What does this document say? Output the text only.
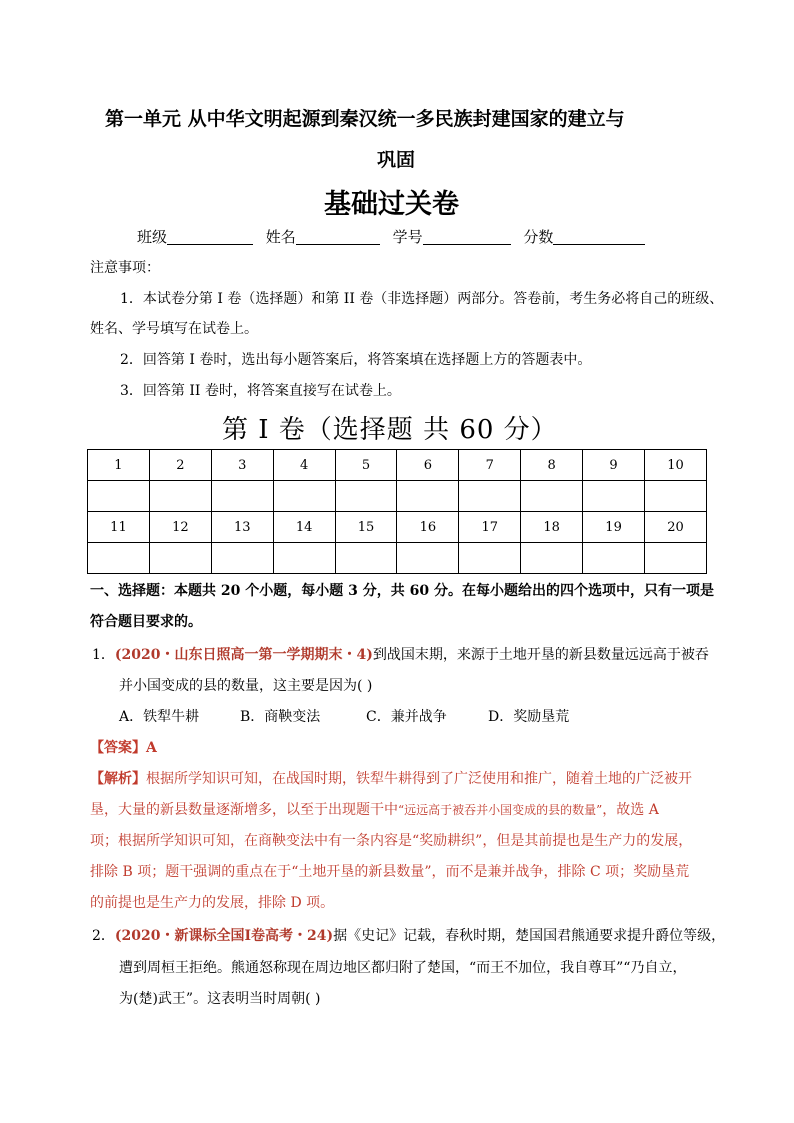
第一单元 从中华文明起源到秦汉统一多民族封建国家的建立与
巩固
基础过关卷
班级	姓名	学号	分数
注意事项：
1．本试卷分第 I 卷（选择题）和第 II 卷（非选择题）两部分。答卷前，考生务必将自己的班级、
姓名、学号填写在试卷上。
2．回答第 I 卷时，选出每小题答案后，将答案填在选择题上方的答题表中。
3．回答第 II 卷时，将答案直接写在试卷上。
第 I 卷（选择题 共 60 分）
1	2	3	4	5	6	7	8	9	10

11	12	13	14	15	16	17	18	19	20

一、选择题：本题共 20 个小题，每小题 3 分，共 60 分。在每小题给出的四个选项中，只有一项是
符合题目要求的。
1．(2020・山东日照高一第一学期期末・4)到战国末期，来源于土地开垦的新县数量远远高于被吞
并小国变成的县的数量，这主要是因为( )
A．铁犁牛耕	B．商鞅变法	C．兼并战争	D．奖励垦荒
【答案】A
【解析】根据所学知识可知，在战国时期，铁犁牛耕得到了广泛使用和推广，随着土地的广泛被开
垦，大量的新县数量逐渐增多，以至于出现题干中“远远高于被吞并小国变成的县的数量”，故选 A
项；根据所学知识可知，在商鞅变法中有一条内容是“奖励耕织”，但是其前提也是生产力的发展，
排除 B 项；题干强调的重点在于“土地开垦的新县数量”，而不是兼并战争，排除 C 项；奖励垦荒
的前提也是生产力的发展，排除 D 项。
2．(2020・新课标全国Ⅰ卷高考・24)据《史记》记载，春秋时期，楚国国君熊通要求提升爵位等级，
遭到周桓王拒绝。熊通怒称现在周边地区都归附了楚国，“而王不加位，我自尊耳”“乃自立，
为(楚)武王”。这表明当时周朝( )
